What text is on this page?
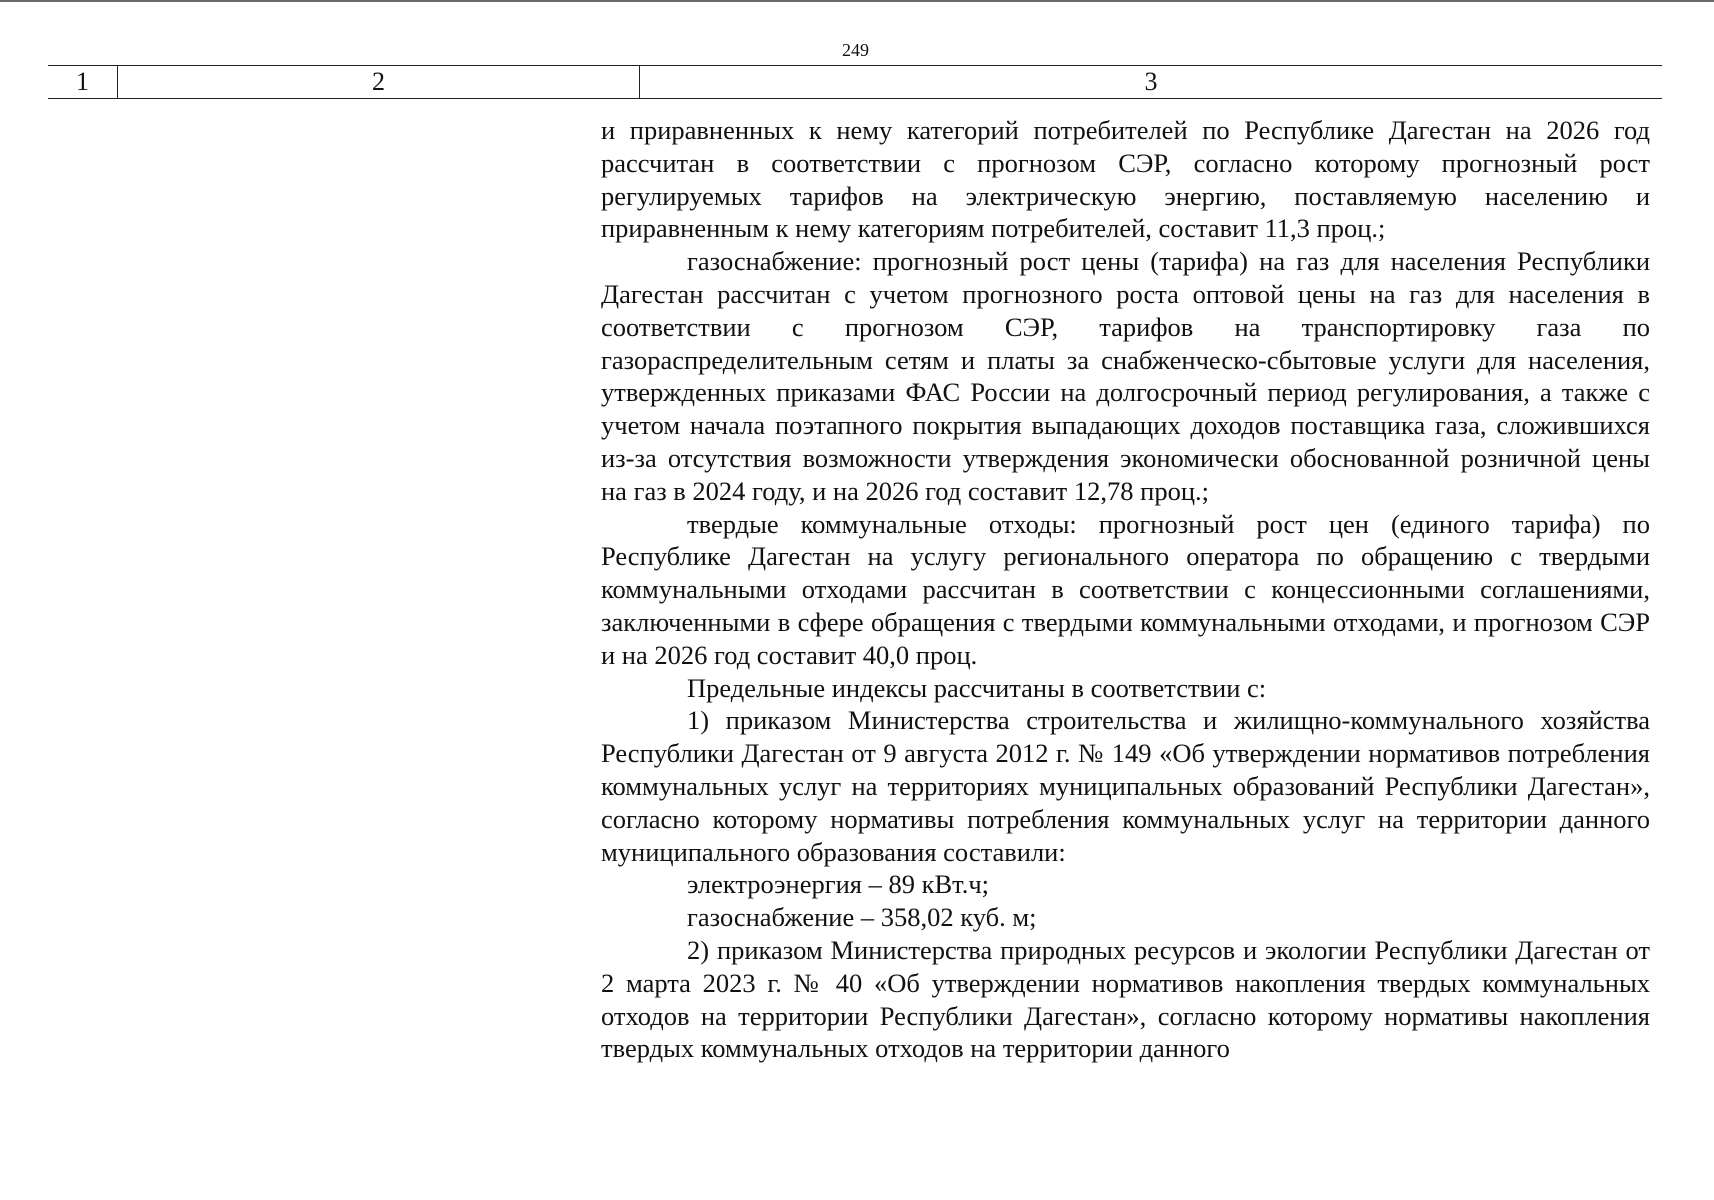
249
1	2	3

и приравненных к нему категорий потребителей по Республике Дагестан на 2026 год рассчитан в соответствии с прогнозом СЭР, согласно которому прогнозный рост регулируемых тарифов на электрическую энергию, поставляемую населению и приравненным к нему категориям потребителей, составит 11,3 проц.;

газоснабжение: прогнозный рост цены (тарифа) на газ для населения Республики Дагестан рассчитан с учетом прогнозного роста оптовой цены на газ для населения в соответствии с прогнозом СЭР, тарифов на транспортировку газа по газораспределительным сетям и платы за снабженческо-сбытовые услуги для населения, утвержденных приказами ФАС России на долгосрочный период регулирования, а также с учетом начала поэтапного покрытия выпадающих доходов поставщика газа, сложившихся из-за отсутствия возможности утверждения экономически обоснованной розничной цены на газ в 2024 году, и на 2026 год составит 12,78 проц.;

твердые коммунальные отходы: прогнозный рост цен (единого тарифа) по Республике Дагестан на услугу регионального оператора по обращению с твердыми коммунальными отходами рассчитан в соответствии с концессионными соглашениями, заключенными в сфере обращения с твердыми коммунальными отходами, и прогнозом СЭР и на 2026 год составит 40,0 проц.

Предельные индексы рассчитаны в соответствии с:

1) приказом Министерства строительства и жилищно-коммунального хозяйства Республики Дагестан от 9 августа 2012 г. № 149 «Об утверждении нормативов потребления коммунальных услуг на территориях муниципальных образований Республики Дагестан», согласно которому нормативы потребления коммунальных услуг на территории данного муниципального образования составили:

электроэнергия – 89 кВт.ч;

газоснабжение – 358,02 куб. м;

2) приказом Министерства природных ресурсов и экологии Республики Дагестан от 2 марта 2023 г. № 40 «Об утверждении нормативов накопления твердых коммунальных отходов на территории Республики Дагестан», согласно которому нормативы накопления твердых коммунальных отходов на территории данного
